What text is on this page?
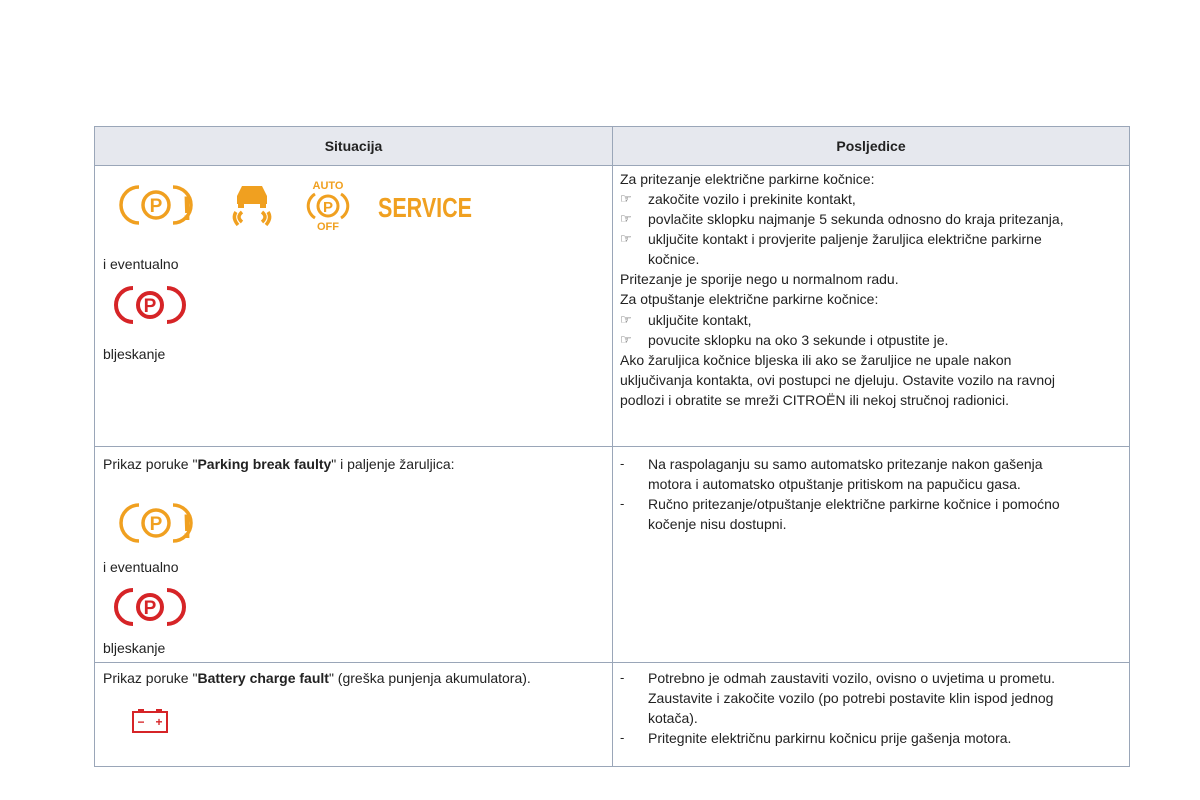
Situacija	Posljedice
P !
AUTO
P
OFF
SERVICE
i eventualno
P
bljeskanje
Za pritezanje električne parkirne kočnice:
☞ zakočite vozilo i prekinite kontakt,
☞ povlačite sklopku najmanje 5 sekunda odnosno do kraja pritezanja,
☞ uključite kontakt i provjerite paljenje žaruljica električne parkirne
kočnice.
Pritezanje je sporije nego u normalnom radu.
Za otpuštanje električne parkirne kočnice:
☞ uključite kontakt,
☞ povucite sklopku na oko 3 sekunde i otpustite je.
Ako žaruljica kočnice bljeska ili ako se žaruljice ne upale nakon
uključivanja kontakta, ovi postupci ne djeluju. Ostavite vozilo na ravnoj
podlozi i obratite se mreži CITROËN ili nekoj stručnoj radionici.
Prikaz poruke "Parking break faulty" i paljenje žaruljica:
P !
i eventualno
P
bljeskanje
- Na raspolaganju su samo automatsko pritezanje nakon gašenja
motora i automatsko otpuštanje pritiskom na papučicu gasa.
- Ručno pritezanje/otpuštanje električne parkirne kočnice i pomoćno
kočenje nisu dostupni.
Prikaz poruke "Battery charge fault" (greška punjenja akumulatora).
− +
- Potrebno je odmah zaustaviti vozilo, ovisno o uvjetima u prometu.
Zaustavite i zakočite vozilo (po potrebi postavite klin ispod jednog
kotača).
- Pritegnite električnu parkirnu kočnicu prije gašenja motora.
